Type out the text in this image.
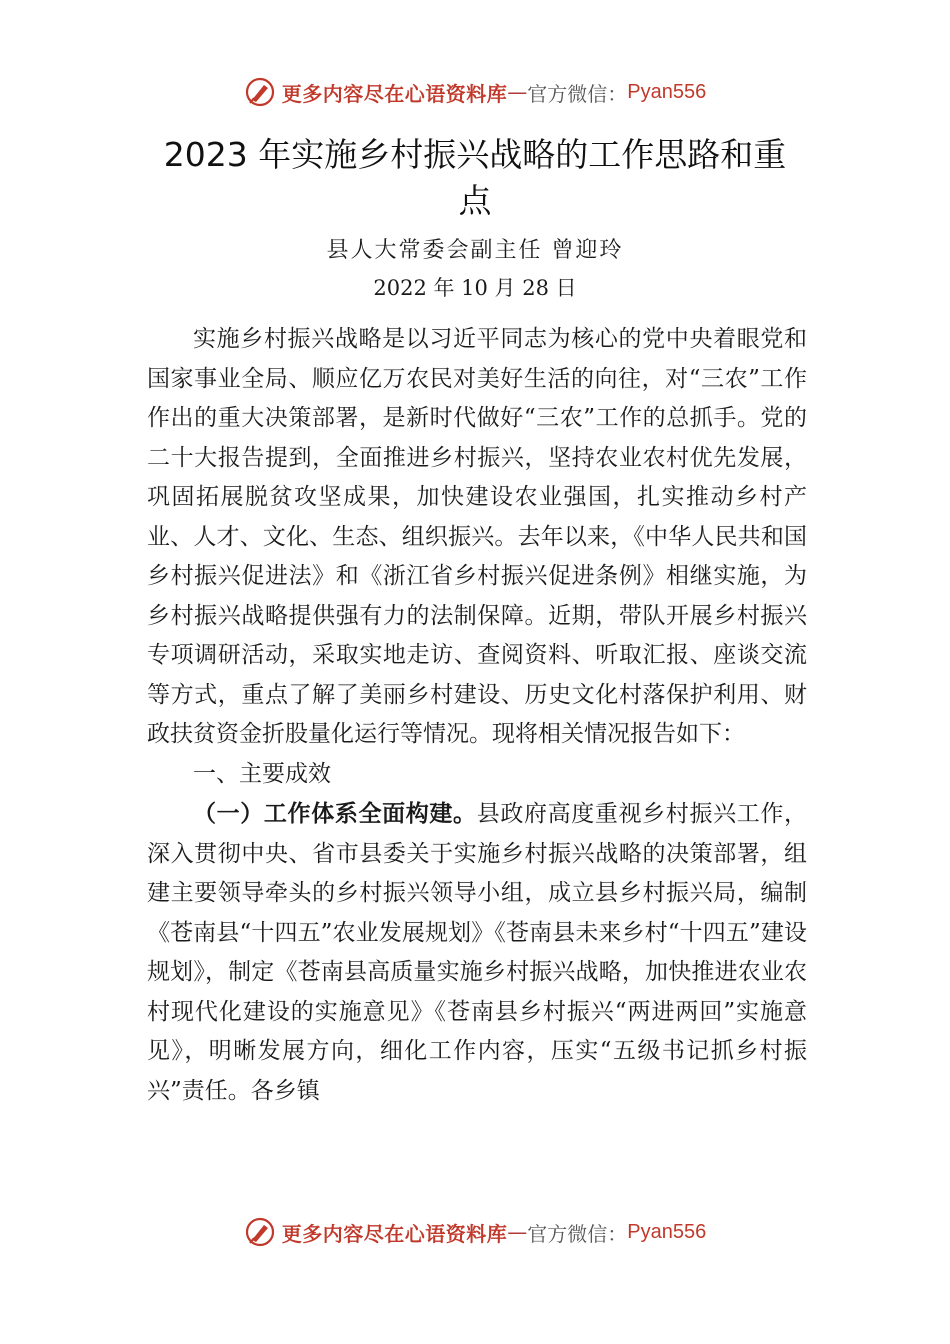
更多内容尽在心语资料库 — 官方微信： Pyan556
2023 年实施乡村振兴战略的工作思路和重点
县人大常委会副主任 曾迎玲
2022 年 10 月 28 日

实施乡村振兴战略是以习近平同志为核心的党中央着眼党和国家事业全局、顺应亿万农民对美好生活的向往，对“三农”工作作出的重大决策部署，是新时代做好“三农”工作的总抓手。党的二十大报告提到，全面推进乡村振兴，坚持农业农村优先发展，巩固拓展脱贫攻坚成果，加快建设农业强国，扎实推动乡村产业、人才、文化、生态、组织振兴。去年以来，《中华人民共和国乡村振兴促进法》和《浙江省乡村振兴促进条例》相继实施，为乡村振兴战略提供强有力的法制保障。近期，带队开展乡村振兴专项调研活动，采取实地走访、查阅资料、听取汇报、座谈交流等方式，重点了解了美丽乡村建设、历史文化村落保护利用、财政扶贫资金折股量化运行等情况。现将相关情况报告如下：

一、主要成效

（一）工作体系全面构建。县政府高度重视乡村振兴工作，深入贯彻中央、省市县委关于实施乡村振兴战略的决策部署，组建主要领导牵头的乡村振兴领导小组，成立县乡村振兴局，编制《苍南县“十四五”农业发展规划》《苍南县未来乡村“十四五”建设规划》，制定《苍南县高质量实施乡村振兴战略，加快推进农业农村现代化建设的实施意见》《苍南县乡村振兴“两进两回”实施意见》，明晰发展方向，细化工作内容，压实“五级书记抓乡村振兴”责任。各乡镇

更多内容尽在心语资料库 — 官方微信： Pyan556
